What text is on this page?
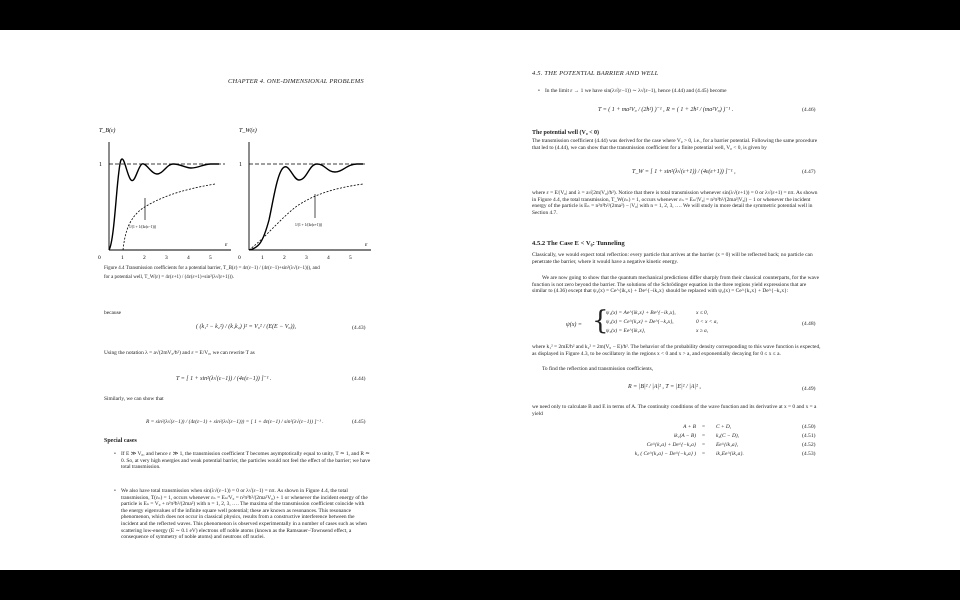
CHAPTER 4. ONE-DIMENSIONAL PROBLEMS
T_B(ε)
1
1/(1 + 1/(4ε(ε−1)))
ε
0	1	2	3	4	5
T_W(ε)
1
1/(1 + 1/(4ε(ε+1)))
ε
0	1	2	3	4	5
Figure 4.4 Transmission coefficients for a potential barrier, T_B(ε) = 4ε(ε−1) / (4ε(ε−1)+sin²(λ√(ε−1))), and
for a potential well, T_W(ε) = 4ε(ε+1) / (4ε(ε+1)+sin²(λ√(ε+1))).
because
( (k₁² − k₂²) / (k₁k₂) )² = V₀² / (E(E − V₀)),	(4.43)
Using the notation λ = a√(2mV₀/ħ²) and ε = E/V₀, we can rewrite T as
T = [ 1 + sin²(λ√(ε−1)) / (4ε(ε−1)) ]⁻¹ .	(4.44)
Similarly, we can show that
R = sin²(λ√(ε−1)) / (4ε(ε−1) + sin²(λ√(ε−1))) = [ 1 + 4ε(ε−1) / sin²(λ√(ε−1)) ]⁻¹ .	(4.45)
Special cases
• If E ≫ V₀, and hence ε ≫ 1, the transmission coefficient T becomes asymptotically equal to unity, T ≃ 1, and R ≃ 0. So, at very high energies and weak potential barrier, the particles would not feel the effect of the barrier; we have total transmission.
• We also have total transmission when sin(λ√(ε−1)) = 0 or λ√(ε−1) = nπ. As shown in Figure 4.4, the total transmission, T(εₙ) = 1, occurs whenever εₙ = Eₙ/V₀ = n²π²ħ²/(2ma²V₀) + 1 or whenever the incident energy of the particle is Eₙ = V₀ + n²π²ħ²/(2ma²) with n = 1, 2, 3, …. The maxima of the transmission coefficient coincide with the energy eigenvalues of the infinite square well potential; these are known as resonances. This resonance phenomenon, which does not occur in classical physics, results from a constructive interference between the incident and the reflected waves. This phenomenon is observed experimentally in a number of cases such as when scattering low-energy (E ∼ 0.1 eV) electrons off noble atoms (known as the Ramsauer–Townsend effect, a consequence of symmetry of noble atoms) and neutrons off nuclei.
4.5. THE POTENTIAL BARRIER AND WELL
• In the limit ε → 1 we have sin(λ√(ε−1)) ∼ λ√(ε−1), hence (4.44) and (4.45) become
T = ( 1 + ma²V₀ / (2ħ²) )⁻¹ , R = ( 1 + 2ħ² / (ma²V₀) )⁻¹ .	(4.46)
The potential well (V₀ < 0)
The transmission coefficient (4.44) was derived for the case where V₀ > 0, i.e., for a barrier potential. Following the same procedure that led to (4.44), we can show that the transmission coefficient for a finite potential well, V₀ < 0, is given by
T_W = [ 1 + sin²(λ√(ε+1)) / (4ε(ε+1)) ]⁻¹ ,	(4.47)
where ε = E/|V₀| and λ = a√(2m|V₀|/ħ²). Notice that there is total transmission whenever sin(λ√(ε+1)) = 0 or λ√(ε+1) = nπ. As shown in Figure 4.4, the total transmission, T_W(εₙ) = 1, occurs whenever εₙ = Eₙ/|V₀| = n²π²ħ²/(2ma²|V₀|) − 1 or whenever the incident energy of the particle is Eₙ = n²π²ħ²/(2ma²) − |V₀| with n = 1, 2, 3, …. We will study in more detail the symmetric potential well in Section 4.7.
4.5.2 The Case E < V₀: Tunneling
Classically, we would expect total reflection: every particle that arrives at the barrier (x = 0) will be reflected back; no particle can penetrate the barrier, where it would have a negative kinetic energy.
We are now going to show that the quantum mechanical predictions differ sharply from their classical counterparts, for the wave function is not zero beyond the barrier. The solutions of the Schrödinger equation in the three regions yield expressions that are similar to (4.36) except that ψ₂(x) = Ce^{ik₂x} + De^{−ik₂x} should be replaced with ψ₂(x) = Ce^{k₂x} + De^{−k₂x}:
ψ(x) = {
ψ₁(x) = Ae^{ik₁x} + Be^{−ik₁x},	x ≤ 0,
ψ₂(x) = Ce^{k₂x} + De^{−k₂x},	0 < x < a,
ψ₃(x) = Ee^{ik₁x},	x ≥ a,
(4.48)
where k₁² = 2mE/ħ² and k₂² = 2m(V₀ − E)/ħ². The behavior of the probability density corresponding to this wave function is expected, as displayed in Figure 4.3, to be oscillatory in the regions x < 0 and x > a, and exponentially decaying for 0 ≤ x ≤ a.
To find the reflection and transmission coefficients,
R = |B|² / |A|² , T = |E|² / |A|² ,	(4.49)
we need only to calculate B and E in terms of A. The continuity conditions of the wave function and its derivative at x = 0 and x = a yield
A + B = C + D,	(4.50)
ik₁(A − B) = k₂(C − D),	(4.51)
Ce^{k₂a} + De^{−k₂a} = Ee^{ik₁a},	(4.52)
k₂ ( Ce^{k₂a} − De^{−k₂a} ) = ik₁Ee^{ik₁a}.	(4.53)
